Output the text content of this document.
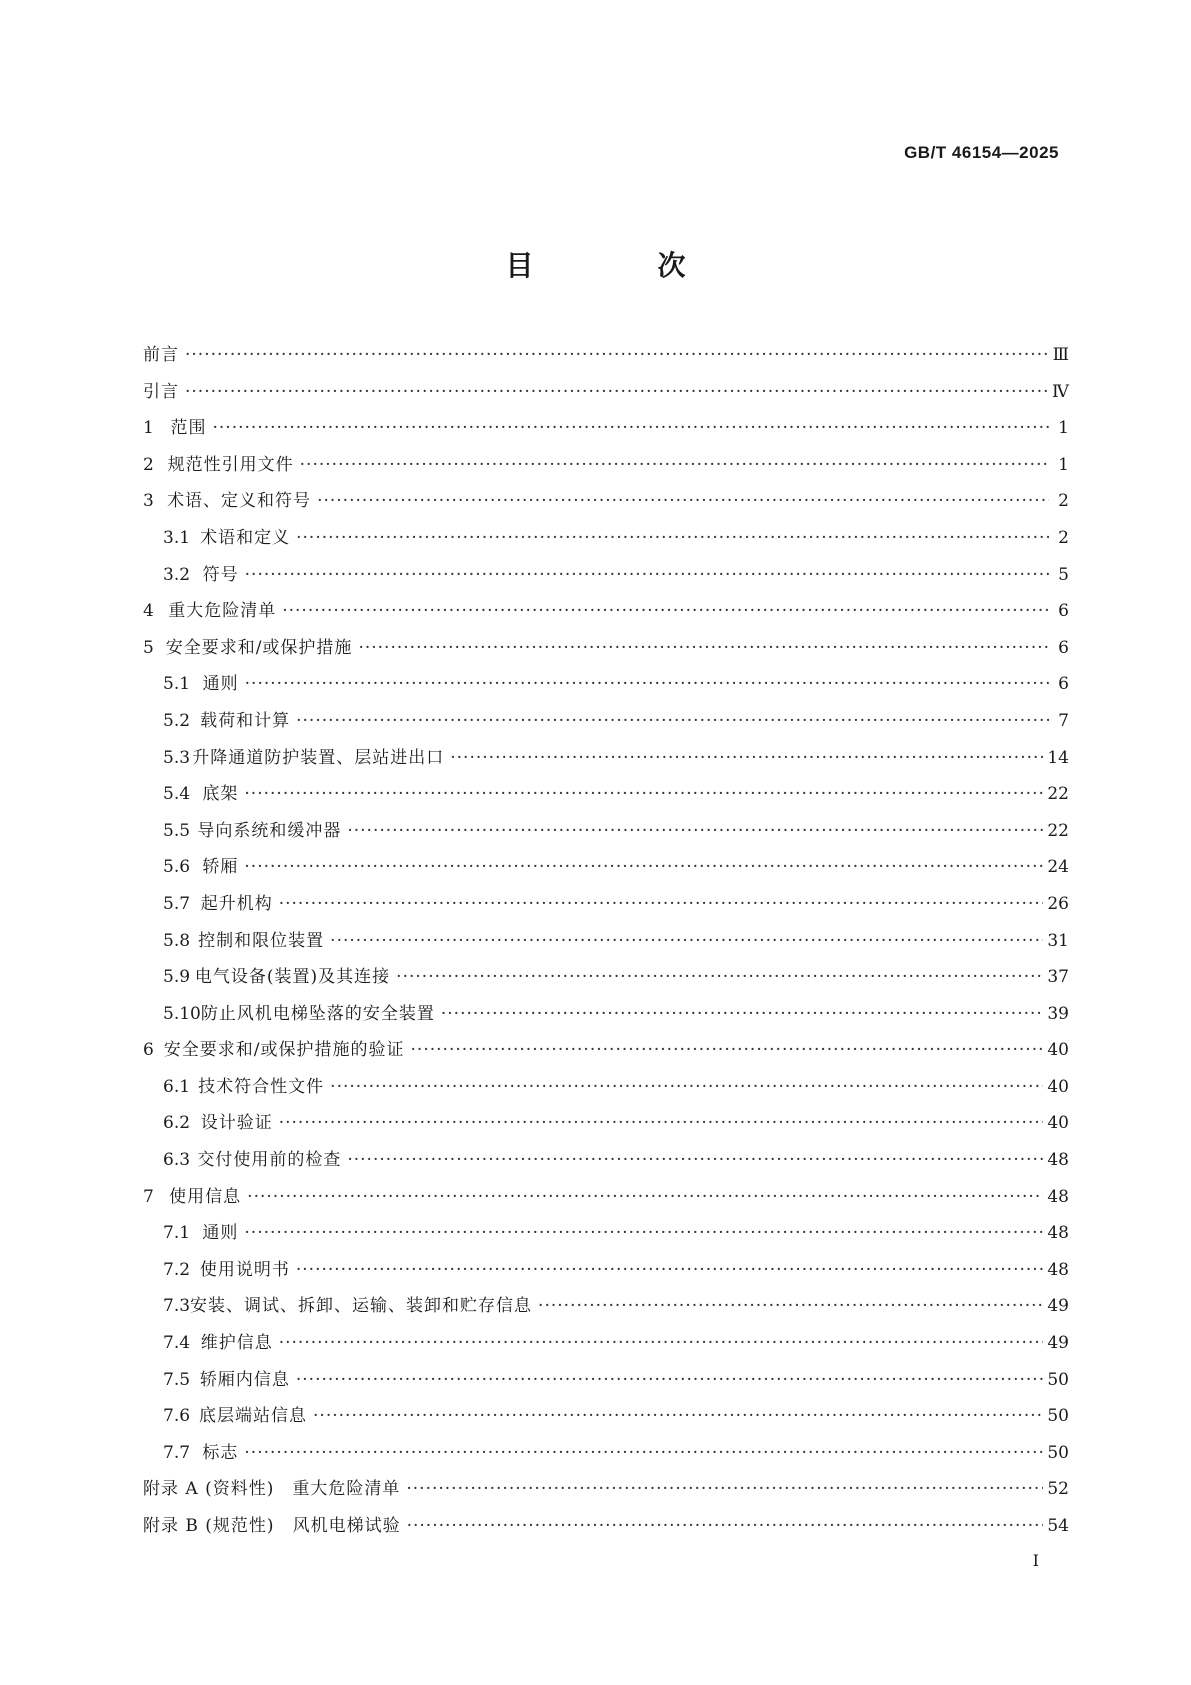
GB/T 46154—2025
目　次
前言 ·····	Ⅲ
引言 ·····	Ⅳ
1 范围 ·····	1
2 规范性引用文件 ·····	1
3 术语、定义和符号 ·····	2
3.1 术语和定义 ·····	2
3.2 符号 ·····	5
4 重大危险清单 ·····	6
5 安全要求和/或保护措施 ·····	6
5.1 通则 ·····	6
5.2 载荷和计算 ·····	7
5.3 升降通道防护装置、层站进出口 ·····	14
5.4 底架 ·····	22
5.5 导向系统和缓冲器 ·····	22
5.6 轿厢 ·····	24
5.7 起升机构 ·····	26
5.8 控制和限位装置 ·····	31
5.9 电气设备(装置)及其连接 ·····	37
5.10 防止风机电梯坠落的安全装置 ·····	39
6 安全要求和/或保护措施的验证 ·····	40
6.1 技术符合性文件 ·····	40
6.2 设计验证 ·····	40
6.3 交付使用前的检查 ·····	48
7 使用信息 ·····	48
7.1 通则 ·····	48
7.2 使用说明书 ·····	48
7.3 安装、调试、拆卸、运输、装卸和贮存信息 ·····	49
7.4 维护信息 ·····	49
7.5 轿厢内信息 ·····	50
7.6 底层端站信息 ·····	50
7.7 标志 ·····	50
附录 A (资料性)　重大危险清单 ·····	52
附录 B (规范性)　风机电梯试验 ·····	54
I
